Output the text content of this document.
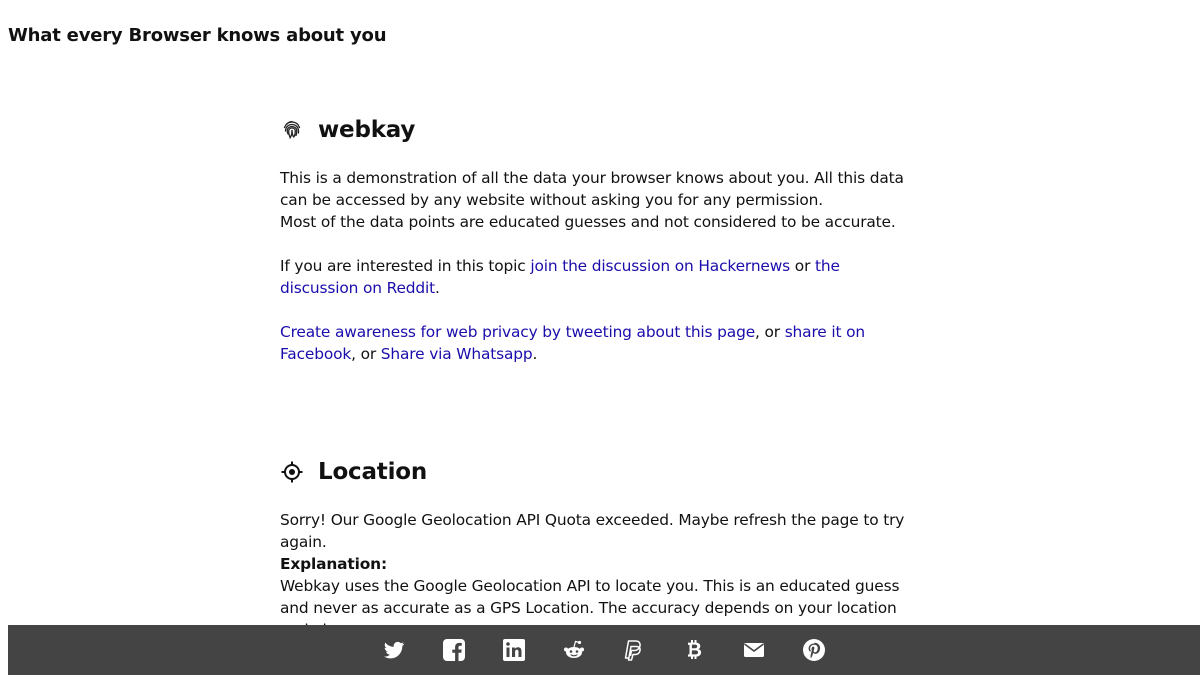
What every Browser knows about you
webkay

This is a demonstration of all the data your browser knows about you. All this data can be accessed by any website without asking you for any permission.

Most of the data points are educated guesses and not considered to be accurate.

If you are interested in this topic join the discussion on Hackernews or the discussion on Reddit.

Create awareness for web privacy by tweeting about this page, or share it on Facebook, or Share via Whatsapp.

Location

Sorry! Our Google Geolocation API Quota exceeded. Maybe refresh the page to try again.

Explanation:

Webkay uses the Google Geolocation API to locate you. This is an educated guess and never as accurate as a GPS Location. The accuracy depends on your location
